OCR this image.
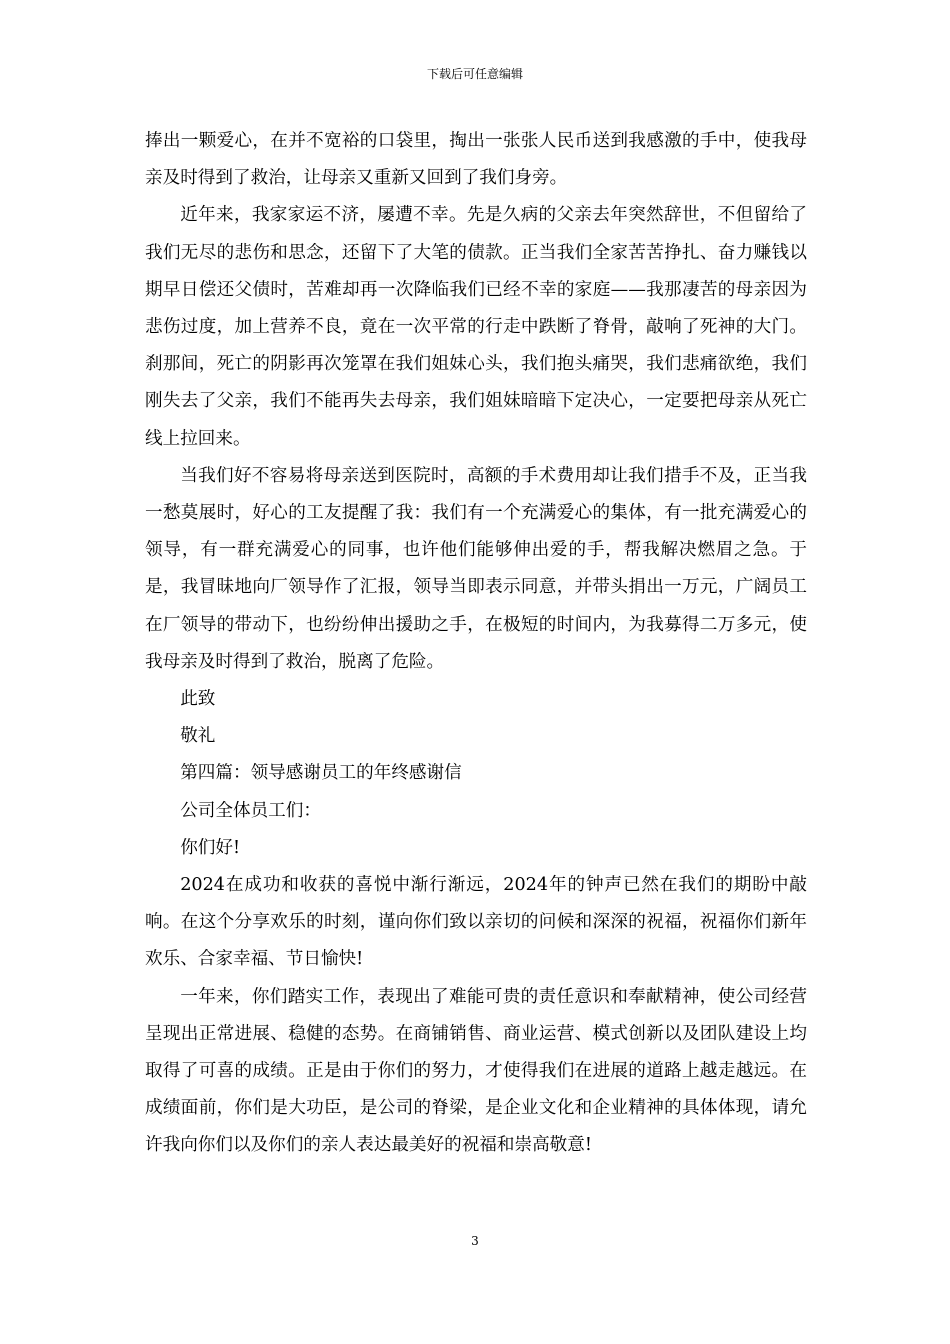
下载后可任意编辑

捧出一颗爱心，在并不宽裕的口袋里，掏出一张张人民币送到我感激的手中，使我母亲及时得到了救治，让母亲又重新又回到了我们身旁。

近年来，我家家运不济，屡遭不幸。先是久病的父亲去年突然辞世，不但留给了我们无尽的悲伤和思念，还留下了大笔的债款。正当我们全家苦苦挣扎、奋力赚钱以期早日偿还父债时，苦难却再一次降临我们已经不幸的家庭——我那凄苦的母亲因为悲伤过度，加上营养不良，竟在一次平常的行走中跌断了脊骨，敲响了死神的大门。刹那间，死亡的阴影再次笼罩在我们姐妹心头，我们抱头痛哭，我们悲痛欲绝，我们刚失去了父亲，我们不能再失去母亲，我们姐妹暗暗下定决心，一定要把母亲从死亡线上拉回来。

当我们好不容易将母亲送到医院时，高额的手术费用却让我们措手不及，正当我一愁莫展时，好心的工友提醒了我：我们有一个充满爱心的集体，有一批充满爱心的领导，有一群充满爱心的同事，也许他们能够伸出爱的手，帮我解决燃眉之急。于是，我冒昧地向厂领导作了汇报，领导当即表示同意，并带头捐出一万元，广阔员工在厂领导的带动下，也纷纷伸出援助之手，在极短的时间内，为我募得二万多元，使我母亲及时得到了救治，脱离了危险。

此致

敬礼

第四篇：领导感谢员工的年终感谢信

公司全体员工们：

你们好!

2024在成功和收获的喜悦中渐行渐远，2024年的钟声已然在我们的期盼中敲响。在这个分享欢乐的时刻，谨向你们致以亲切的问候和深深的祝福，祝福你们新年欢乐、合家幸福、节日愉快!

一年来，你们踏实工作，表现出了难能可贵的责任意识和奉献精神，使公司经营呈现出正常进展、稳健的态势。在商铺销售、商业运营、模式创新以及团队建设上均取得了可喜的成绩。正是由于你们的努力，才使得我们在进展的道路上越走越远。在成绩面前，你们是大功臣，是公司的脊梁，是企业文化和企业精神的具体体现，请允许我向你们以及你们的亲人表达最美好的祝福和崇高敬意!

3
